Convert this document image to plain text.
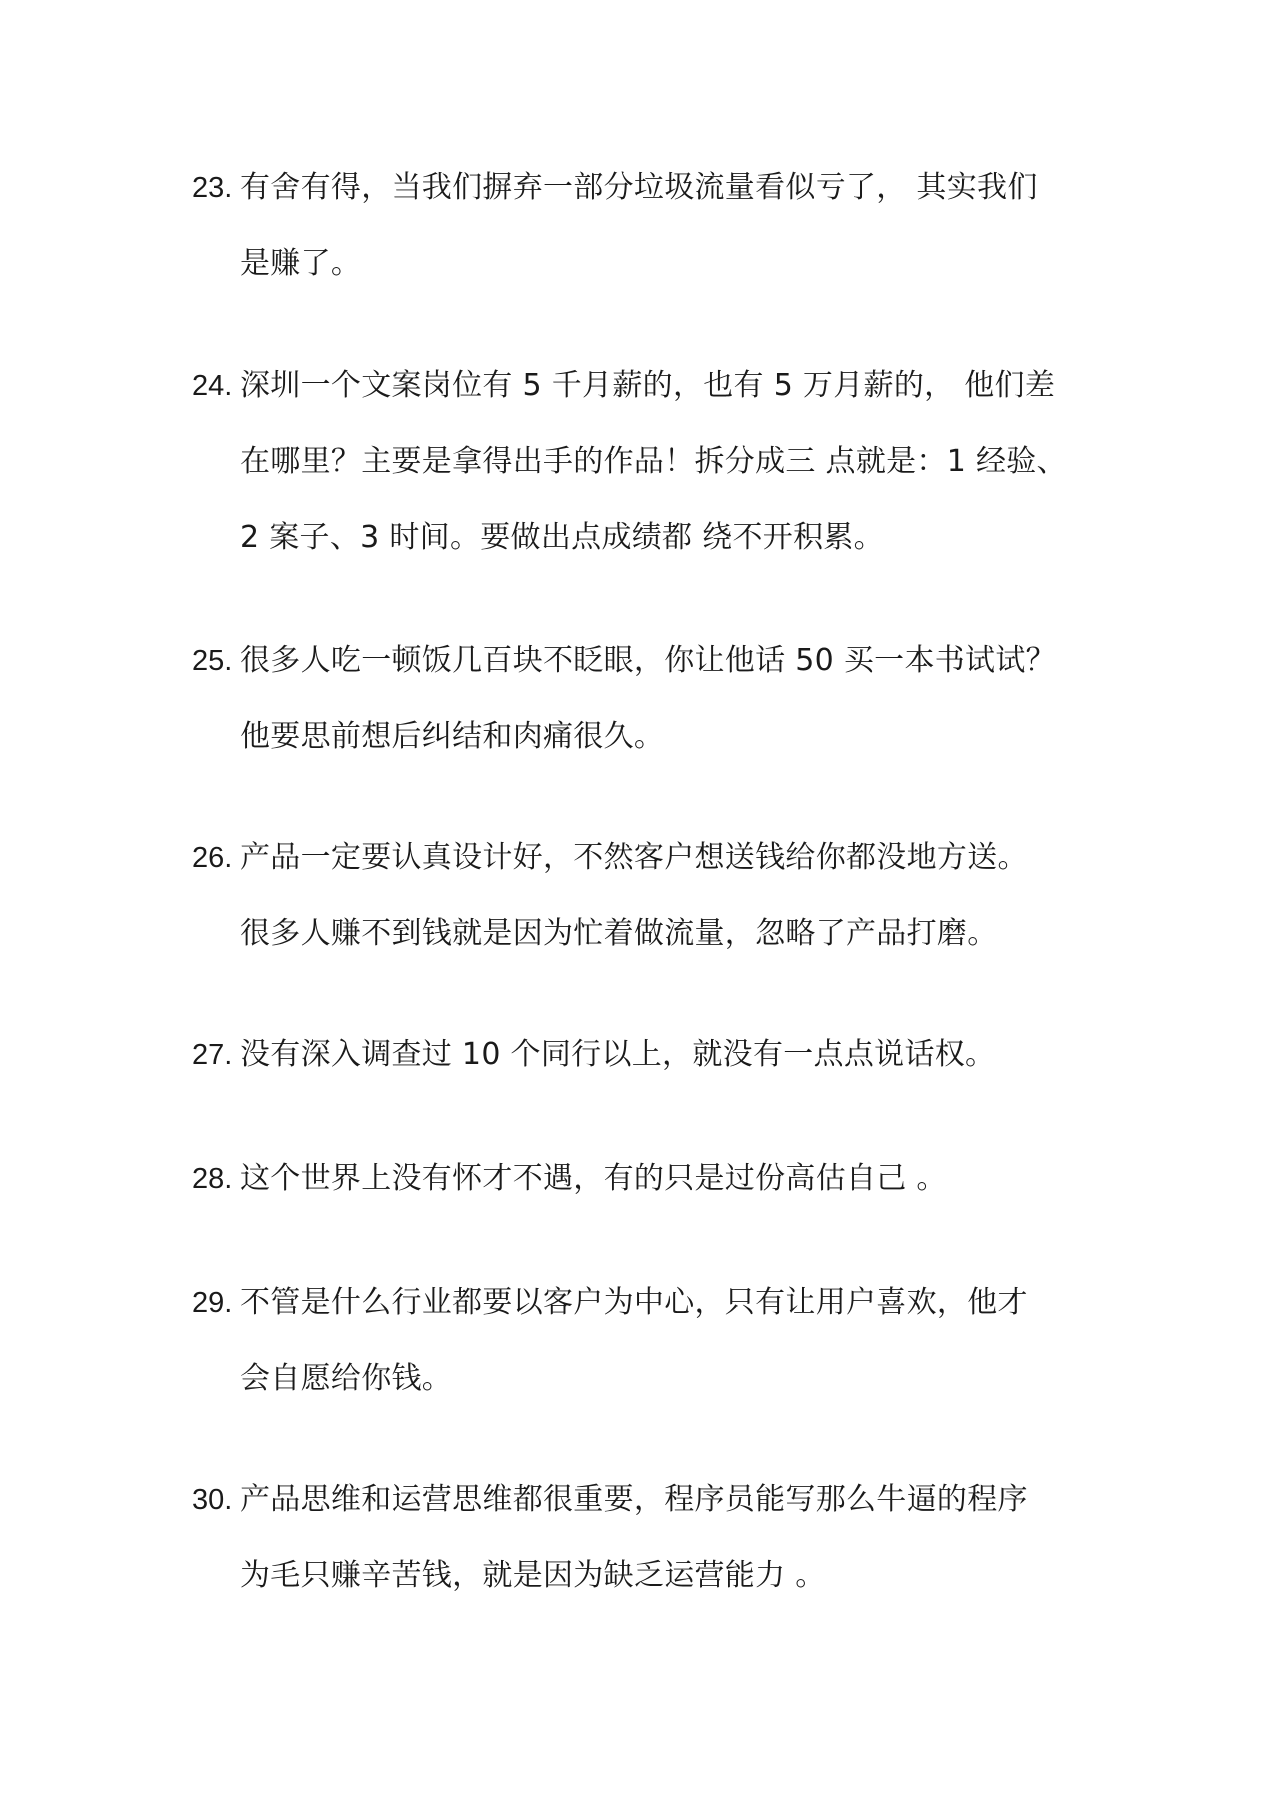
23. 有舍有得，当我们摒弃一部分垃圾流量看似亏了， 其实我们
是赚了。
24. 深圳一个文案岗位有 5 千月薪的，也有 5 万月薪的， 他们差
在哪里？主要是拿得出手的作品！拆分成三 点就是：1 经验、
2 案子、3 时间。要做出点成绩都 绕不开积累。
25. 很多人吃一顿饭几百块不眨眼，你让他话 50 买一本书试试？
他要思前想后纠结和肉痛很久。
26. 产品一定要认真设计好，不然客户想送钱给你都没地方送。
很多人赚不到钱就是因为忙着做流量，忽略了产品打磨。
27. 没有深入调查过 10 个同行以上，就没有一点点说话权。
28. 这个世界上没有怀才不遇，有的只是过份高估自己 。
29. 不管是什么行业都要以客户为中心，只有让用户喜欢，他才
会自愿给你钱。
30. 产品思维和运营思维都很重要，程序员能写那么牛逼的程序
为毛只赚辛苦钱，就是因为缺乏运营能力 。
